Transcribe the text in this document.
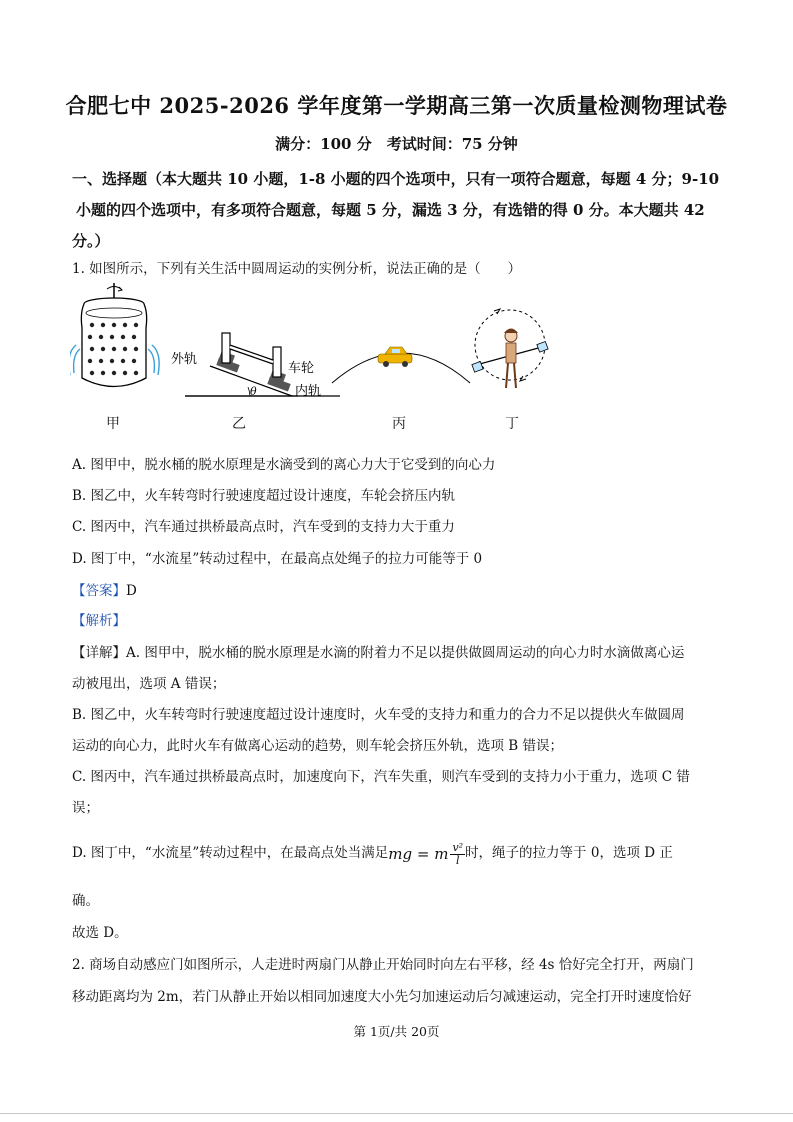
合肥七中 2025-2026 学年度第一学期高三第一次质量检测物理试卷
满分：100 分　考试时间：75 分钟
一、选择题（本大题共 10 小题，1-8 小题的四个选项中，只有一项符合题意，每题 4 分；9-10
小题的四个选项中，有多项符合题意，每题 5 分，漏选 3 分，有选错的得 0 分。本大题共 42
分。）
1. 如图所示，下列有关生活中圆周运动的实例分析，说法正确的是（　　）
外轨
车轮
内轨
θ
甲	乙	丙	丁
A. 图甲中，脱水桶的脱水原理是水滴受到的离心力大于它受到的向心力
B. 图乙中，火车转弯时行驶速度超过设计速度，车轮会挤压内轨
C. 图丙中，汽车通过拱桥最高点时，汽车受到的支持力大于重力
D. 图丁中，“水流星”转动过程中，在最高点处绳子的拉力可能等于 0
【答案】D
【解析】
【详解】A. 图甲中，脱水桶的脱水原理是水滴的附着力不足以提供做圆周运动的向心力时水滴做离心运
动被甩出，选项 A 错误；
B. 图乙中，火车转弯时行驶速度超过设计速度时，火车受的支持力和重力的合力不足以提供火车做圆周
运动的向心力，此时火车有做离心运动的趋势，则车轮会挤压外轨，选项 B 错误；
C. 图丙中，汽车通过拱桥最高点时，加速度向下，汽车失重，则汽车受到的支持力小于重力，选项 C 错
误；
D. 图丁中，“水流星”转动过程中，在最高点处当满足mg = m $\frac{\text{v²}}{l}$ 时，绳子的拉力等于 0，选项 D 正
确。
故选 D。
2. 商场自动感应门如图所示，人走进时两扇门从静止开始同时向左右平移，经 4s 恰好完全打开，两扇门
移动距离均为 2m，若门从静止开始以相同加速度大小先匀加速运动后匀减速运动，完全打开时速度恰好
第 1页/共 20页
